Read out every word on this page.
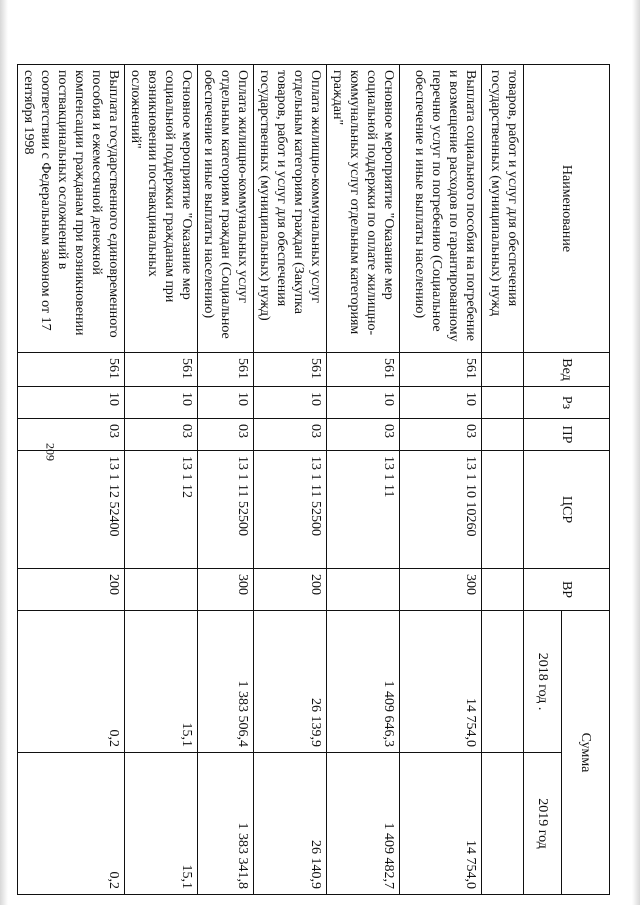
209
Наименование	Вед	Рз	ПР	ЦСР	ВР	Сумма	
						2018 год .	2019 год
товаров, работ и услуг для обеспечения государственных (муниципальных) нужд							
Выплата социального пособия на погребение и возмещение расходов по гарантированному перечню услуг по погребению (Социальное обеспечение и иные выплаты населению)	561	10	03	13 1 10 10260	300	14 754,0	14 754,0
Основное мероприятие "Оказание мер социальной поддержки по оплате жилищно-коммунальных услуг отдельным категориям граждан"	561	10	03	13 1 11		1 409 646,3	1 409 482,7
Оплата жилищно-коммунальных услуг отдельным категориям граждан (Закупка товаров, работ и услуг для обеспечения государственных (муниципальных) нужд)	561	10	03	13 1 11 52500	200	26 139,9	26 140,9
Оплата жилищно-коммунальных услуг отдельным категориям граждан (Социальное обеспечение и иные выплаты населению)	561	10	03	13 1 11 52500	300	1 383 506,4	1 383 341,8
Основное мероприятие "Оказание мер социальной поддержки гражданам при возникновении поствакцинальных осложнений"	561	10	03	13 1 12		15,1	15,1
Выплата государственного единовременного пособия и ежемесячной денежной компенсации гражданам при возникновении поствакцинальных осложнений в соответствии с Федеральным законом от 17 сентября 1998	561	10	03	13 1 12 52400	200	0,2	0,2
